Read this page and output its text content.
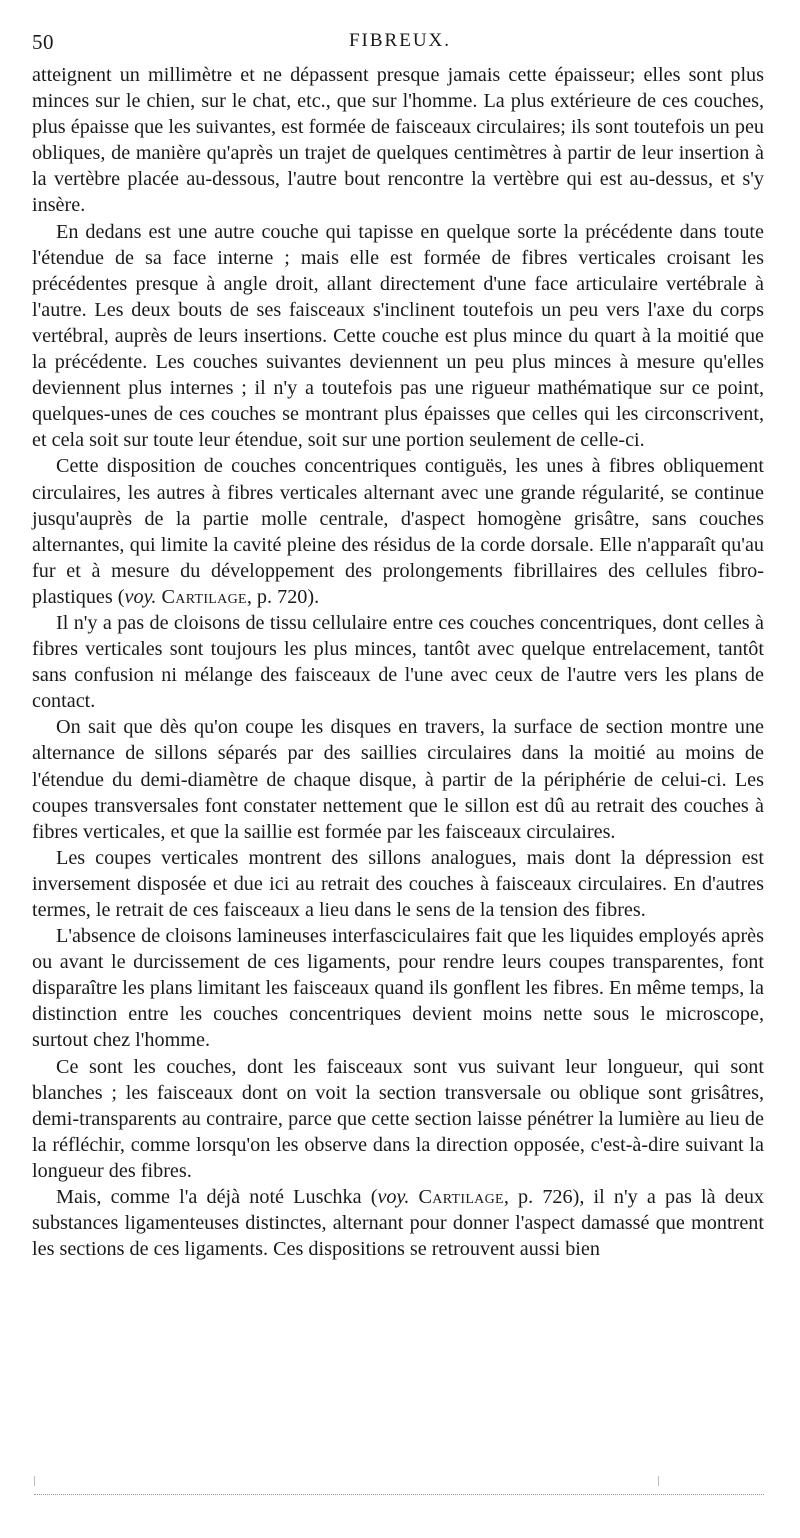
50	FIBREUX.

atteignent un millimètre et ne dépassent presque jamais cette épaisseur; elles sont plus minces sur le chien, sur le chat, etc., que sur l'homme. La plus extérieure de ces couches, plus épaisse que les suivantes, est formée de faisceaux circulaires; ils sont toutefois un peu obliques, de manière qu'après un trajet de quelques centimètres à partir de leur insertion à la vertèbre placée au-dessous, l'autre bout rencontre la vertèbre qui est au-dessus, et s'y insère.

En dedans est une autre couche qui tapisse en quelque sorte la précédente dans toute l'étendue de sa face interne ; mais elle est formée de fibres verticales croisant les précédentes presque à angle droit, allant directement d'une face articulaire vertébrale à l'autre. Les deux bouts de ses faisceaux s'inclinent toutefois un peu vers l'axe du corps vertébral, auprès de leurs insertions. Cette couche est plus mince du quart à la moitié que la précédente. Les couches suivantes deviennent un peu plus minces à mesure qu'elles deviennent plus internes ; il n'y a toutefois pas une rigueur mathématique sur ce point, quelques-unes de ces couches se montrant plus épaisses que celles qui les circonscrivent, et cela soit sur toute leur étendue, soit sur une portion seulement de celle-ci.

Cette disposition de couches concentriques contiguës, les unes à fibres obliquement circulaires, les autres à fibres verticales alternant avec une grande régularité, se continue jusqu'auprès de la partie molle centrale, d'aspect homogène grisâtre, sans couches alternantes, qui limite la cavité pleine des résidus de la corde dorsale. Elle n'apparaît qu'au fur et à mesure du développement des prolongements fibrillaires des cellules fibro-plastiques (voy. Cartilage, p. 720).

Il n'y a pas de cloisons de tissu cellulaire entre ces couches concentriques, dont celles à fibres verticales sont toujours les plus minces, tantôt avec quelque entrelacement, tantôt sans confusion ni mélange des faisceaux de l'une avec ceux de l'autre vers les plans de contact.

On sait que dès qu'on coupe les disques en travers, la surface de section montre une alternance de sillons séparés par des saillies circulaires dans la moitié au moins de l'étendue du demi-diamètre de chaque disque, à partir de la périphérie de celui-ci. Les coupes transversales font constater nettement que le sillon est dû au retrait des couches à fibres verticales, et que la saillie est formée par les faisceaux circulaires.

Les coupes verticales montrent des sillons analogues, mais dont la dépression est inversement disposée et due ici au retrait des couches à faisceaux circulaires. En d'autres termes, le retrait de ces faisceaux a lieu dans le sens de la tension des fibres.

L'absence de cloisons lamineuses interfasciculaires fait que les liquides employés après ou avant le durcissement de ces ligaments, pour rendre leurs coupes transparentes, font disparaître les plans limitant les faisceaux quand ils gonflent les fibres. En même temps, la distinction entre les couches concentriques devient moins nette sous le microscope, surtout chez l'homme.

Ce sont les couches, dont les faisceaux sont vus suivant leur longueur, qui sont blanches ; les faisceaux dont on voit la section transversale ou oblique sont grisâtres, demi-transparents au contraire, parce que cette section laisse pénétrer la lumière au lieu de la réfléchir, comme lorsqu'on les observe dans la direction opposée, c'est-à-dire suivant la longueur des fibres.

Mais, comme l'a déjà noté Luschka (voy. Cartilage, p. 726), il n'y a pas là deux substances ligamenteuses distinctes, alternant pour donner l'aspect damassé que montrent les sections de ces ligaments. Ces dispositions se retrouvent aussi bien
